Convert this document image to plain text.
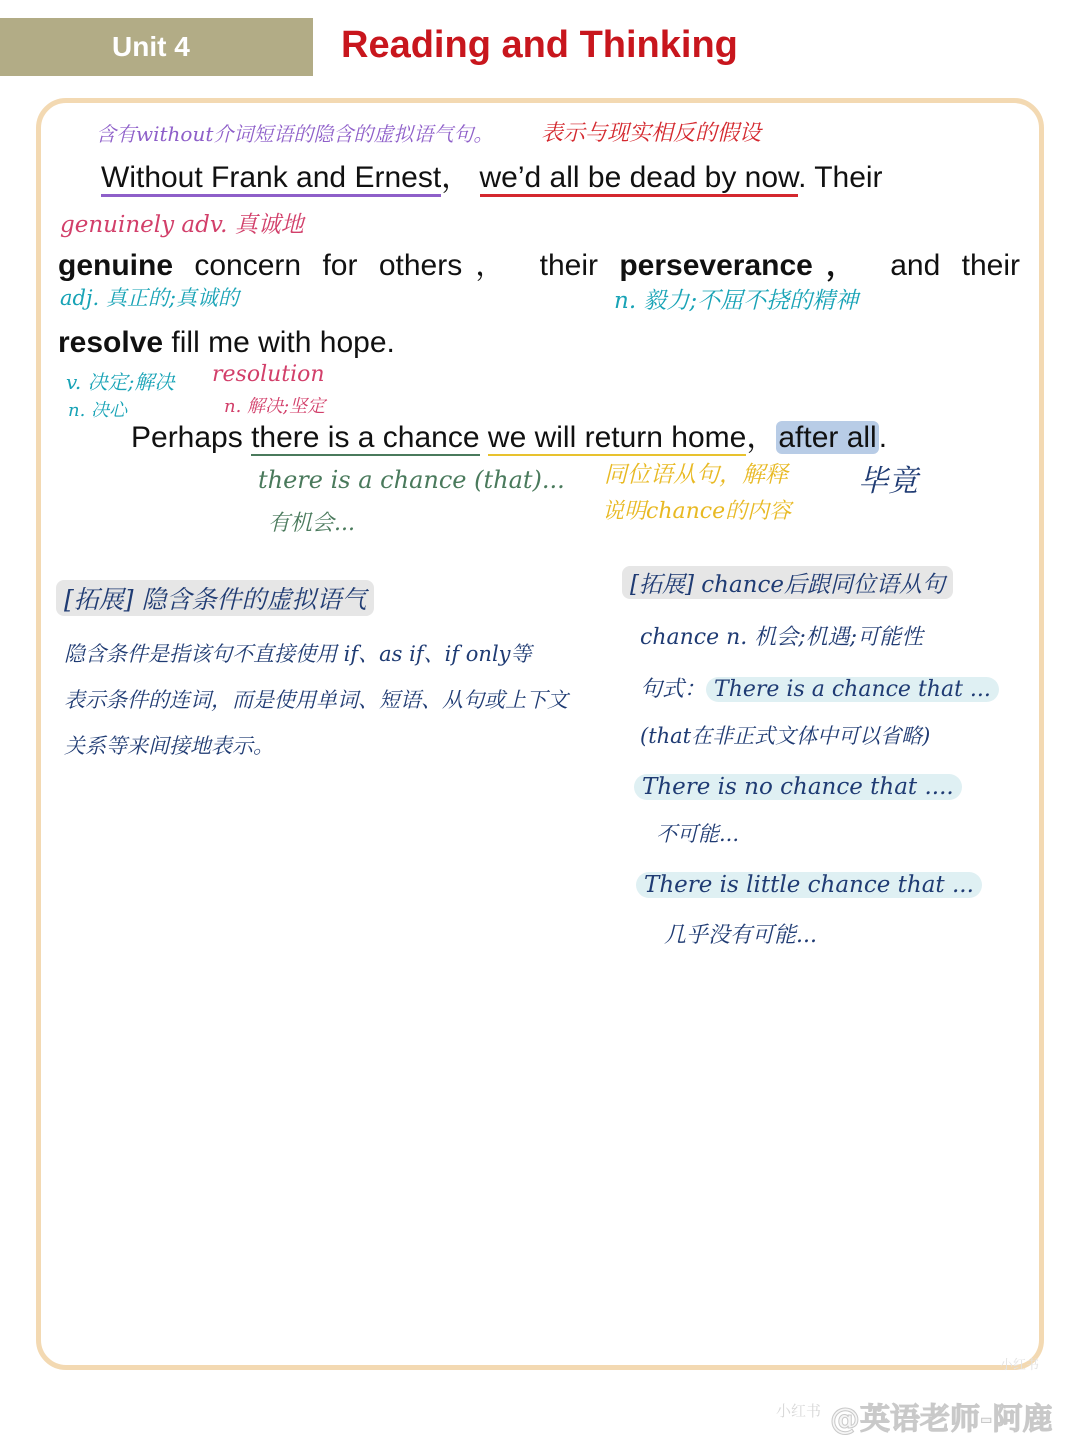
Unit 4	Reading and Thinking
含有without介词短语的隐含的虚拟语气句。 表示与现实相反的假设
Without Frank and Ernest， we’d all be dead by now. Their
genuinely adv. 真诚地
genuine concern for others， their perseverance， and their
adj. 真正的;真诚的	n. 毅力;不屈不挠的精神
resolve fill me with hope.
v. 决定;解决
n. 决心
resolution
n. 解决;坚定
Perhaps there is a chance we will return home，after all.
there is a chance (that)...
有机会...
同位语从句，解释
说明chance的内容
毕竟
[拓展] 隐含条件的虚拟语气
隐含条件是指该句不直接使用 if、as if、if only等
表示条件的连词，而是使用单词、短语、从句或上下文
关系等来间接地表示。
[拓展] chance后跟同位语从句
chance n. 机会;机遇;可能性
句式： There is a chance that ...
(that在非正式文体中可以省略)
There is no chance that ....
不可能...
There is little chance that ...
几乎没有可能...
小红书
小红书 @英语老师-阿鹿
